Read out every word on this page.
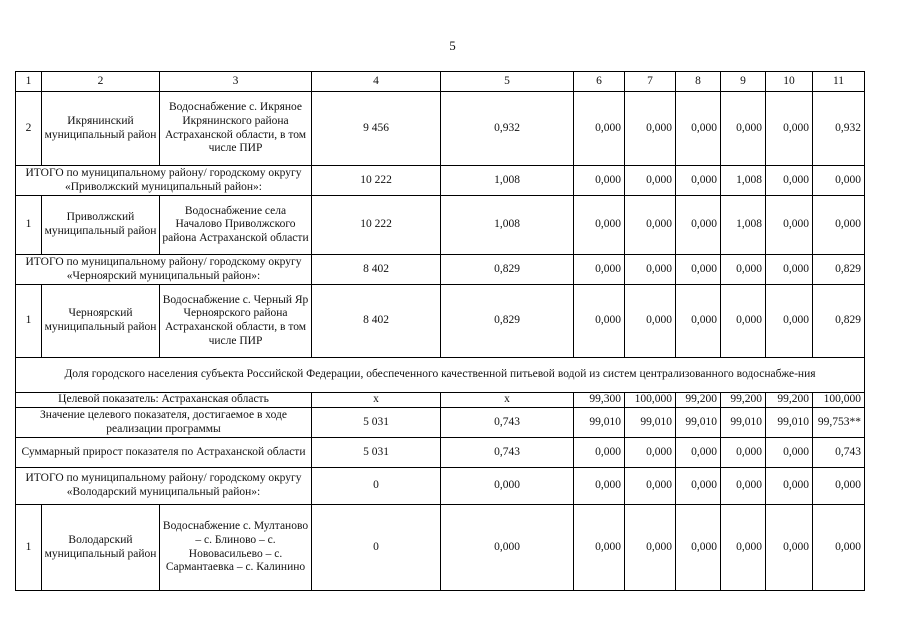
5
1	2	3	4	5	6	7	8	9	10	11
2	Икрянинский муниципальный район	Водоснабжение с. Икряное Икрянинского района Астраханской области, в том числе ПИР	9 456	0,932	0,000	0,000	0,000	0,000	0,000	0,932
ИТОГО по муниципальному району/ городскому округу «Приволжский муниципальный район»:			10 222	1,008	0,000	0,000	0,000	1,008	0,000	0,000
1	Приволжский муниципальный район	Водоснабжение села Началово Приволжского района Астраханской области	10 222	1,008	0,000	0,000	0,000	1,008	0,000	0,000
ИТОГО по муниципальному району/ городскому округу «Черноярский муниципальный район»:			8 402	0,829	0,000	0,000	0,000	0,000	0,000	0,829
1	Черноярский муниципальный район	Водоснабжение с. Черный Яр Черноярского района Астраханской области, в том числе ПИР	8 402	0,829	0,000	0,000	0,000	0,000	0,000	0,829
Доля городского населения субъекта Российской Федерации, обеспеченного качественной питьевой водой из систем централизованного водоснабже-ния										
Целевой показатель: Астраханская область			x	x	99,300	100,000	99,200	99,200	99,200	100,000
Значение целевого показателя, достигаемое в ходе реализации программы			5 031	0,743	99,010	99,010	99,010	99,010	99,010	99,753**
Суммарный прирост показателя по Астраханской области			5 031	0,743	0,000	0,000	0,000	0,000	0,000	0,743
ИТОГО по муниципальному району/ городскому округу «Володарский муниципальный район»:			0	0,000	0,000	0,000	0,000	0,000	0,000	0,000
1	Володарский муниципальный район	Водоснабжение с. Мултаново – с. Блиново – с. Нововасильево – с. Сармантаевка – с. Калинино	0	0,000	0,000	0,000	0,000	0,000	0,000	0,000
